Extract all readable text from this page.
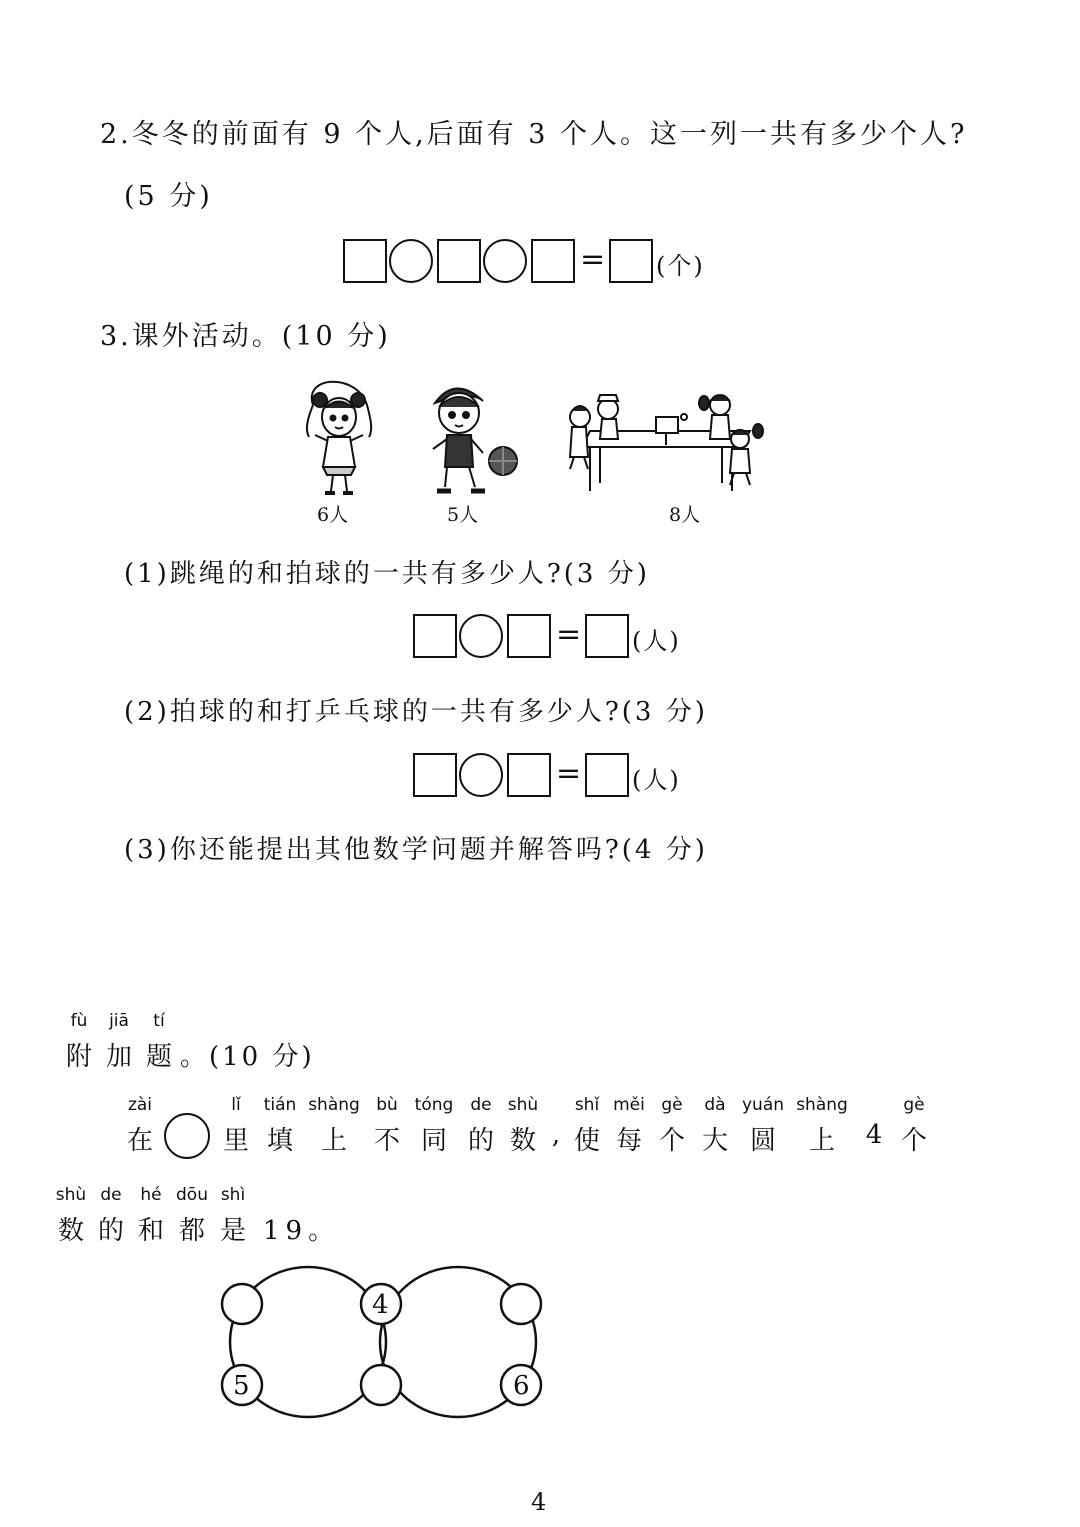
2.冬冬的前面有 9 个人,后面有 3 个人。这一列一共有多少个人?
(5 分)
= (个)
3.课外活动。(10 分)
6人	5人	8人
(1)跳绳的和拍球的一共有多少人?(3 分)
= (人)
(2)拍球的和打乒乓球的一共有多少人?(3 分)
= (人)
(3)你还能提出其他数学问题并解答吗?(4 分)
fù jiā tí
附 加 题 。(10 分)
zài	lǐ tián shàng bù tóng de shù shǐ měi gè dà yuán shàng	gè
在	里 填 上 不 同 的 数 , 使 每 个 大 圆 上 4 个
shù de hé dōu shì
数 的 和 都 是 19。
4
5	6
4
